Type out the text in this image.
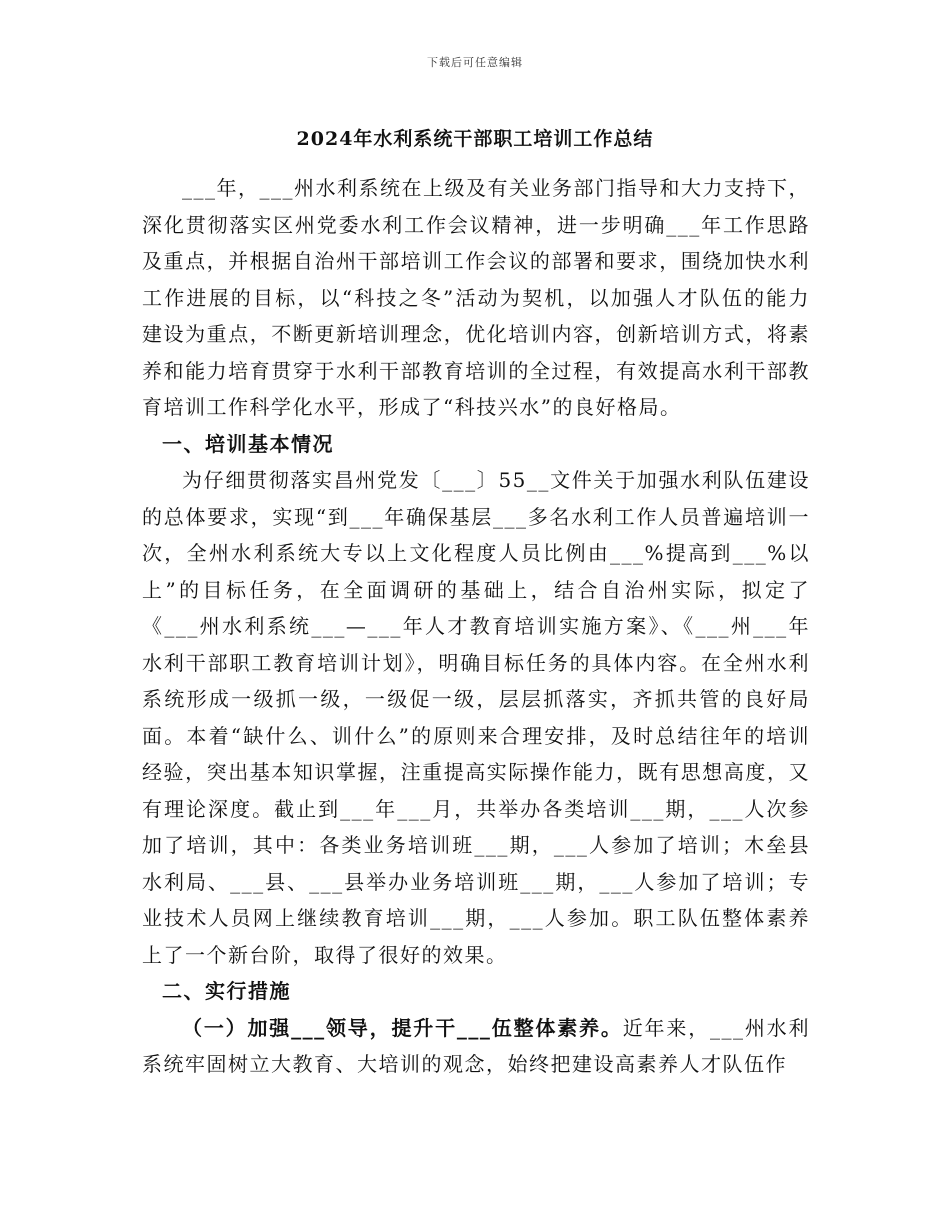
下载后可任意编辑
2024年水利系统干部职工培训工作总结

___年，___州水利系统在上级及有关业务部门指导和大力支持下，深化贯彻落实区州党委水利工作会议精神，进一步明确___年工作思路及重点，并根据自治州干部培训工作会议的部署和要求，围绕加快水利工作进展的目标，以“科技之冬”活动为契机，以加强人才队伍的能力建设为重点，不断更新培训理念，优化培训内容，创新培训方式，将素养和能力培育贯穿于水利干部教育培训的全过程，有效提高水利干部教育培训工作科学化水平，形成了“科技兴水”的良好格局。

一、培训基本情况

为仔细贯彻落实昌州党发〔___〕55__文件关于加强水利队伍建设的总体要求，实现“到___年确保基层___多名水利工作人员普遍培训一次，全州水利系统大专以上文化程度人员比例由___%提高到___%以上”的目标任务，在全面调研的基础上，结合自治州实际，拟定了《___州水利系统___—___年人才教育培训实施方案》、《___州___年水利干部职工教育培训计划》，明确目标任务的具体内容。在全州水利系统形成一级抓一级，一级促一级，层层抓落实，齐抓共管的良好局面。本着“缺什么、训什么”的原则来合理安排，及时总结往年的培训经验，突出基本知识掌握，注重提高实际操作能力，既有思想高度，又有理论深度。截止到___年___月，共举办各类培训___期，___人次参加了培训，其中：各类业务培训班___期，___人参加了培训；木垒县水利局、___县、___县举办业务培训班___期，___人参加了培训；专业技术人员网上继续教育培训___期，___人参加。职工队伍整体素养上了一个新台阶，取得了很好的效果。

二、实行措施

（一）加强___领导，提升干___伍整体素养。近年来，___州水利系统牢固树立大教育、大培训的观念，始终把建设高素养人才队伍作
